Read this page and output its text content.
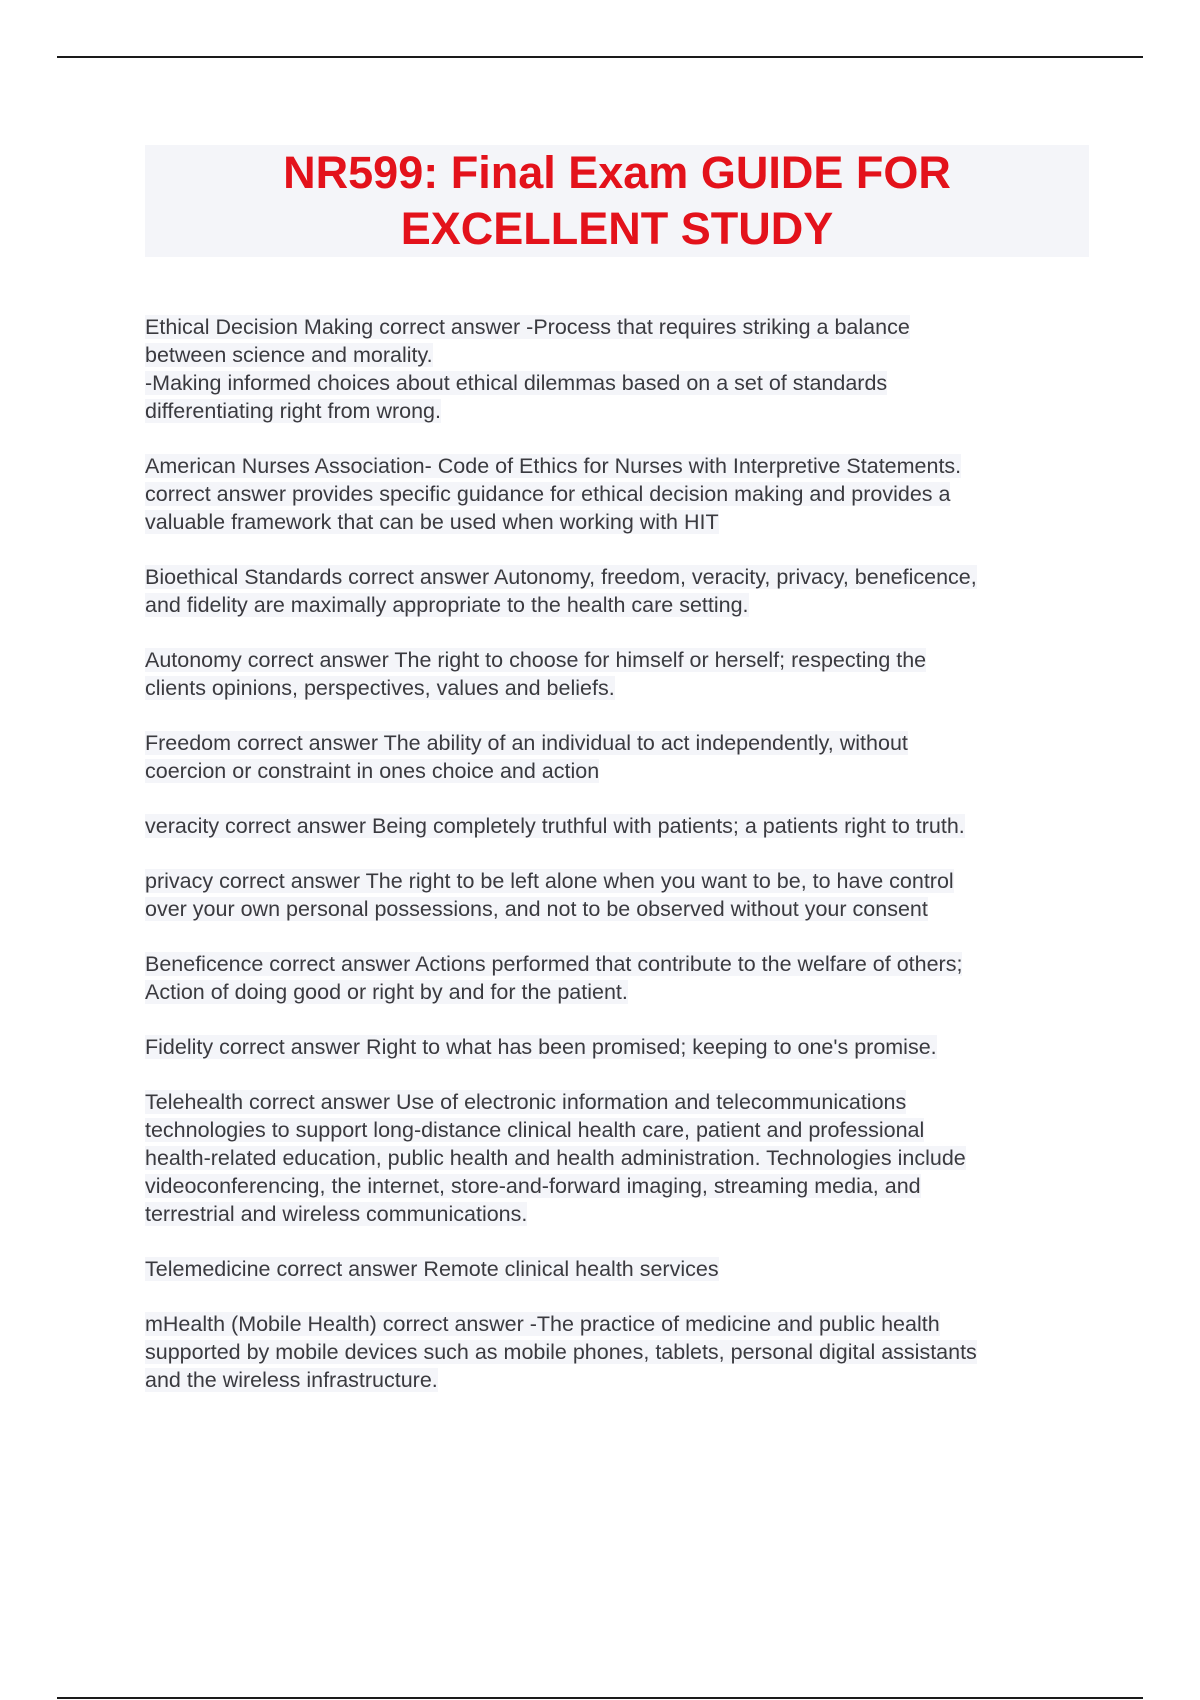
NR599: Final Exam GUIDE FOR
EXCELLENT STUDY

Ethical Decision Making correct answer -Process that requires striking a balance
between science and morality.
-Making informed choices about ethical dilemmas based on a set of standards
differentiating right from wrong.

American Nurses Association- Code of Ethics for Nurses with Interpretive Statements.
correct answer provides specific guidance for ethical decision making and provides a
valuable framework that can be used when working with HIT

Bioethical Standards correct answer Autonomy, freedom, veracity, privacy, beneficence,
and fidelity are maximally appropriate to the health care setting.

Autonomy correct answer The right to choose for himself or herself; respecting the
clients opinions, perspectives, values and beliefs.

Freedom correct answer The ability of an individual to act independently, without
coercion or constraint in ones choice and action

veracity correct answer Being completely truthful with patients; a patients right to truth.

privacy correct answer The right to be left alone when you want to be, to have control
over your own personal possessions, and not to be observed without your consent

Beneficence correct answer Actions performed that contribute to the welfare of others;
Action of doing good or right by and for the patient.

Fidelity correct answer Right to what has been promised; keeping to one's promise.

Telehealth correct answer Use of electronic information and telecommunications
technologies to support long-distance clinical health care, patient and professional
health-related education, public health and health administration. Technologies include
videoconferencing, the internet, store-and-forward imaging, streaming media, and
terrestrial and wireless communications.

Telemedicine correct answer Remote clinical health services

mHealth (Mobile Health) correct answer -The practice of medicine and public health
supported by mobile devices such as mobile phones, tablets, personal digital assistants
and the wireless infrastructure.
